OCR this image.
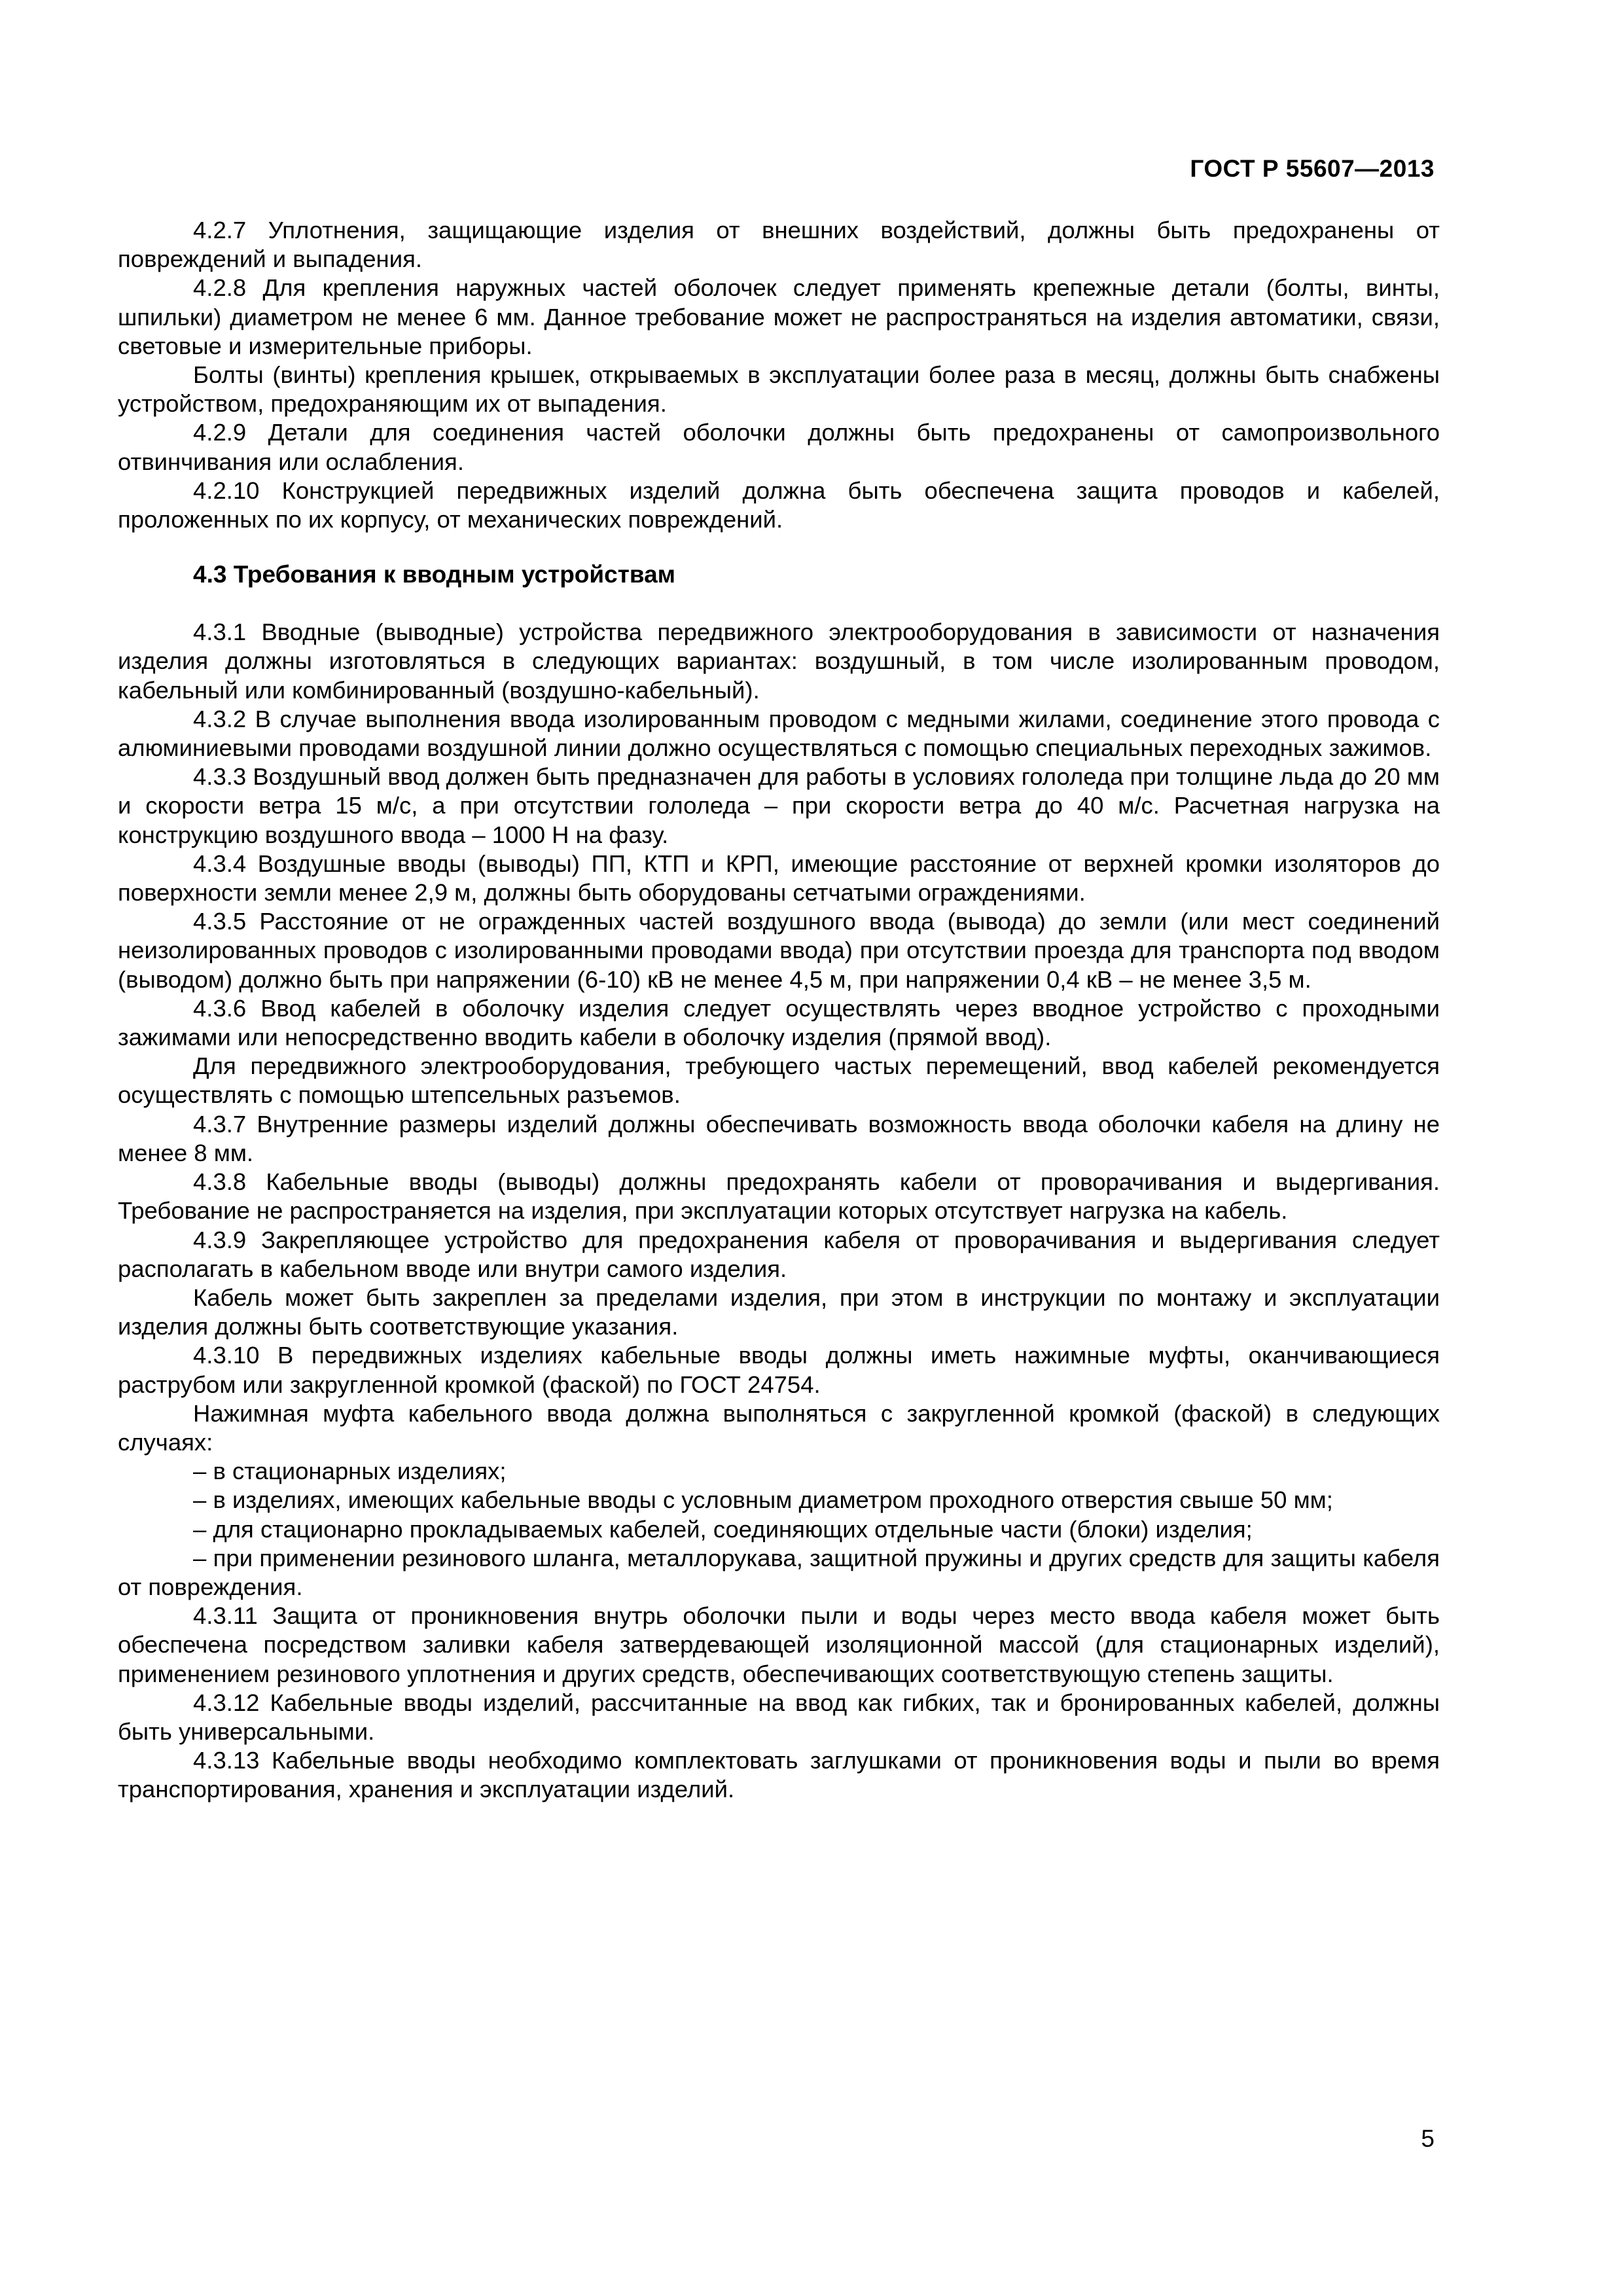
ГОСТ Р 55607—2013

4.2.7 Уплотнения, защищающие изделия от внешних воздействий, должны быть предохранены от повреждений и выпадения.

4.2.8 Для крепления наружных частей оболочек следует применять крепежные детали (болты, винты, шпильки) диаметром не менее 6 мм. Данное требование может не распространяться на изделия автоматики, связи, световые и измерительные приборы.

Болты (винты) крепления крышек, открываемых в эксплуатации более раза в месяц, должны быть снабжены устройством, предохраняющим их от выпадения.

4.2.9 Детали для соединения частей оболочки должны быть предохранены от самопроизвольного отвинчивания или ослабления.

4.2.10 Конструкцией передвижных изделий должна быть обеспечена защита проводов и кабелей, проложенных по их корпусу, от механических повреждений.

4.3 Требования к вводным устройствам

4.3.1 Вводные (выводные) устройства передвижного электрооборудования в зависимости от назначения изделия должны изготовляться в следующих вариантах: воздушный, в том числе изолированным проводом, кабельный или комбинированный (воздушно-кабельный).

4.3.2 В случае выполнения ввода изолированным проводом с медными жилами, соединение этого провода с алюминиевыми проводами воздушной линии должно осуществляться с помощью специальных переходных зажимов.

4.3.3 Воздушный ввод должен быть предназначен для работы в условиях гололеда при толщине льда до 20 мм и скорости ветра 15 м/с, а при отсутствии гололеда – при скорости ветра до 40 м/с. Расчетная нагрузка на конструкцию воздушного ввода – 1000 Н на фазу.

4.3.4 Воздушные вводы (выводы) ПП, КТП и КРП, имеющие расстояние от верхней кромки изоляторов до поверхности земли менее 2,9 м, должны быть оборудованы сетчатыми ограждениями.

4.3.5 Расстояние от не огражденных частей воздушного ввода (вывода) до земли (или мест соединений неизолированных проводов с изолированными проводами ввода) при отсутствии проезда для транспорта под вводом (выводом) должно быть при напряжении (6-10) кВ не менее 4,5 м, при напряжении 0,4 кВ – не менее 3,5 м.

4.3.6 Ввод кабелей в оболочку изделия следует осуществлять через вводное устройство с проходными зажимами или непосредственно вводить кабели в оболочку изделия (прямой ввод).

Для передвижного электрооборудования, требующего частых перемещений, ввод кабелей рекомендуется осуществлять с помощью штепсельных разъемов.

4.3.7 Внутренние размеры изделий должны обеспечивать возможность ввода оболочки кабеля на длину не менее 8 мм.

4.3.8 Кабельные вводы (выводы) должны предохранять кабели от проворачивания и выдергивания. Требование не распространяется на изделия, при эксплуатации которых отсутствует нагрузка на кабель.

4.3.9 Закрепляющее устройство для предохранения кабеля от проворачивания и выдергивания следует располагать в кабельном вводе или внутри самого изделия.

Кабель может быть закреплен за пределами изделия, при этом в инструкции по монтажу и эксплуатации изделия должны быть соответствующие указания.

4.3.10 В передвижных изделиях кабельные вводы должны иметь нажимные муфты, оканчивающиеся раструбом или закругленной кромкой (фаской) по ГОСТ 24754.

Нажимная муфта кабельного ввода должна выполняться с закругленной кромкой (фаской) в следующих случаях:

– в стационарных изделиях;

– в изделиях, имеющих кабельные вводы с условным диаметром проходного отверстия свыше 50 мм;

– для стационарно прокладываемых кабелей, соединяющих отдельные части (блоки) изделия;

– при применении резинового шланга, металлорукава, защитной пружины и других средств для защиты кабеля от повреждения.

4.3.11 Защита от проникновения внутрь оболочки пыли и воды через место ввода кабеля может быть обеспечена посредством заливки кабеля затвердевающей изоляционной массой (для стационарных изделий), применением резинового уплотнения и других средств, обеспечивающих соответствующую степень защиты.

4.3.12 Кабельные вводы изделий, рассчитанные на ввод как гибких, так и бронированных кабелей, должны быть универсальными.

4.3.13 Кабельные вводы необходимо комплектовать заглушками от проникновения воды и пыли во время транспортирования, хранения и эксплуатации изделий.

5
